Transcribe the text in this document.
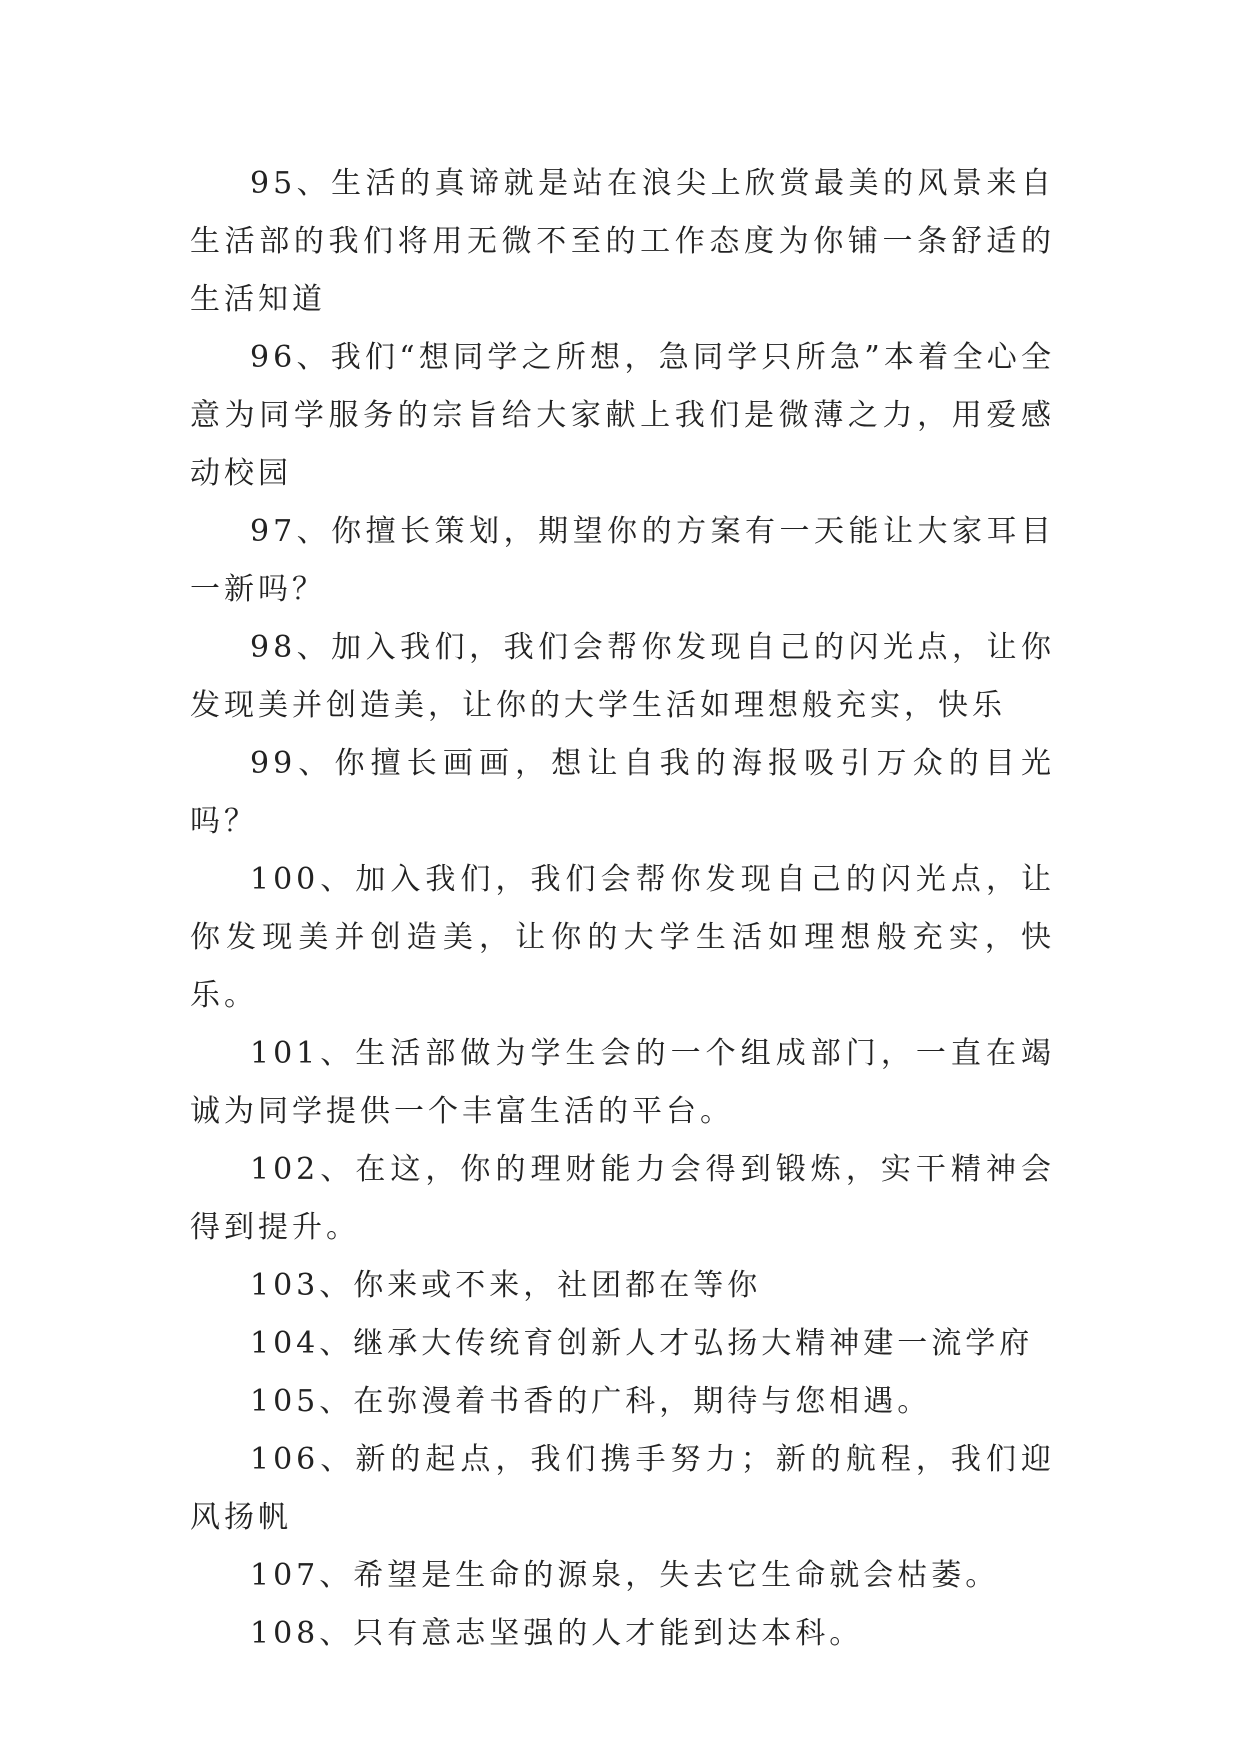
95、生活的真谛就是站在浪尖上欣赏最美的风景来自生活部的我们将用无微不至的工作态度为你铺一条舒适的生活知道

96、我们“想同学之所想，急同学只所急”本着全心全意为同学服务的宗旨给大家献上我们是微薄之力，用爱感动校园

97、你擅长策划，期望你的方案有一天能让大家耳目一新吗？

98、加入我们，我们会帮你发现自己的闪光点，让你发现美并创造美，让你的大学生活如理想般充实，快乐

99、你擅长画画，想让自我的海报吸引万众的目光吗？

100、加入我们，我们会帮你发现自己的闪光点，让你发现美并创造美，让你的大学生活如理想般充实，快乐。

101、生活部做为学生会的一个组成部门，一直在竭诚为同学提供一个丰富生活的平台。

102、在这，你的理财能力会得到锻炼，实干精神会得到提升。

103、你来或不来，社团都在等你

104、继承大传统育创新人才弘扬大精神建一流学府

105、在弥漫着书香的广科，期待与您相遇。

106、新的起点，我们携手努力；新的航程，我们迎风扬帆

107、希望是生命的源泉，失去它生命就会枯萎。

108、只有意志坚强的人才能到达本科。
